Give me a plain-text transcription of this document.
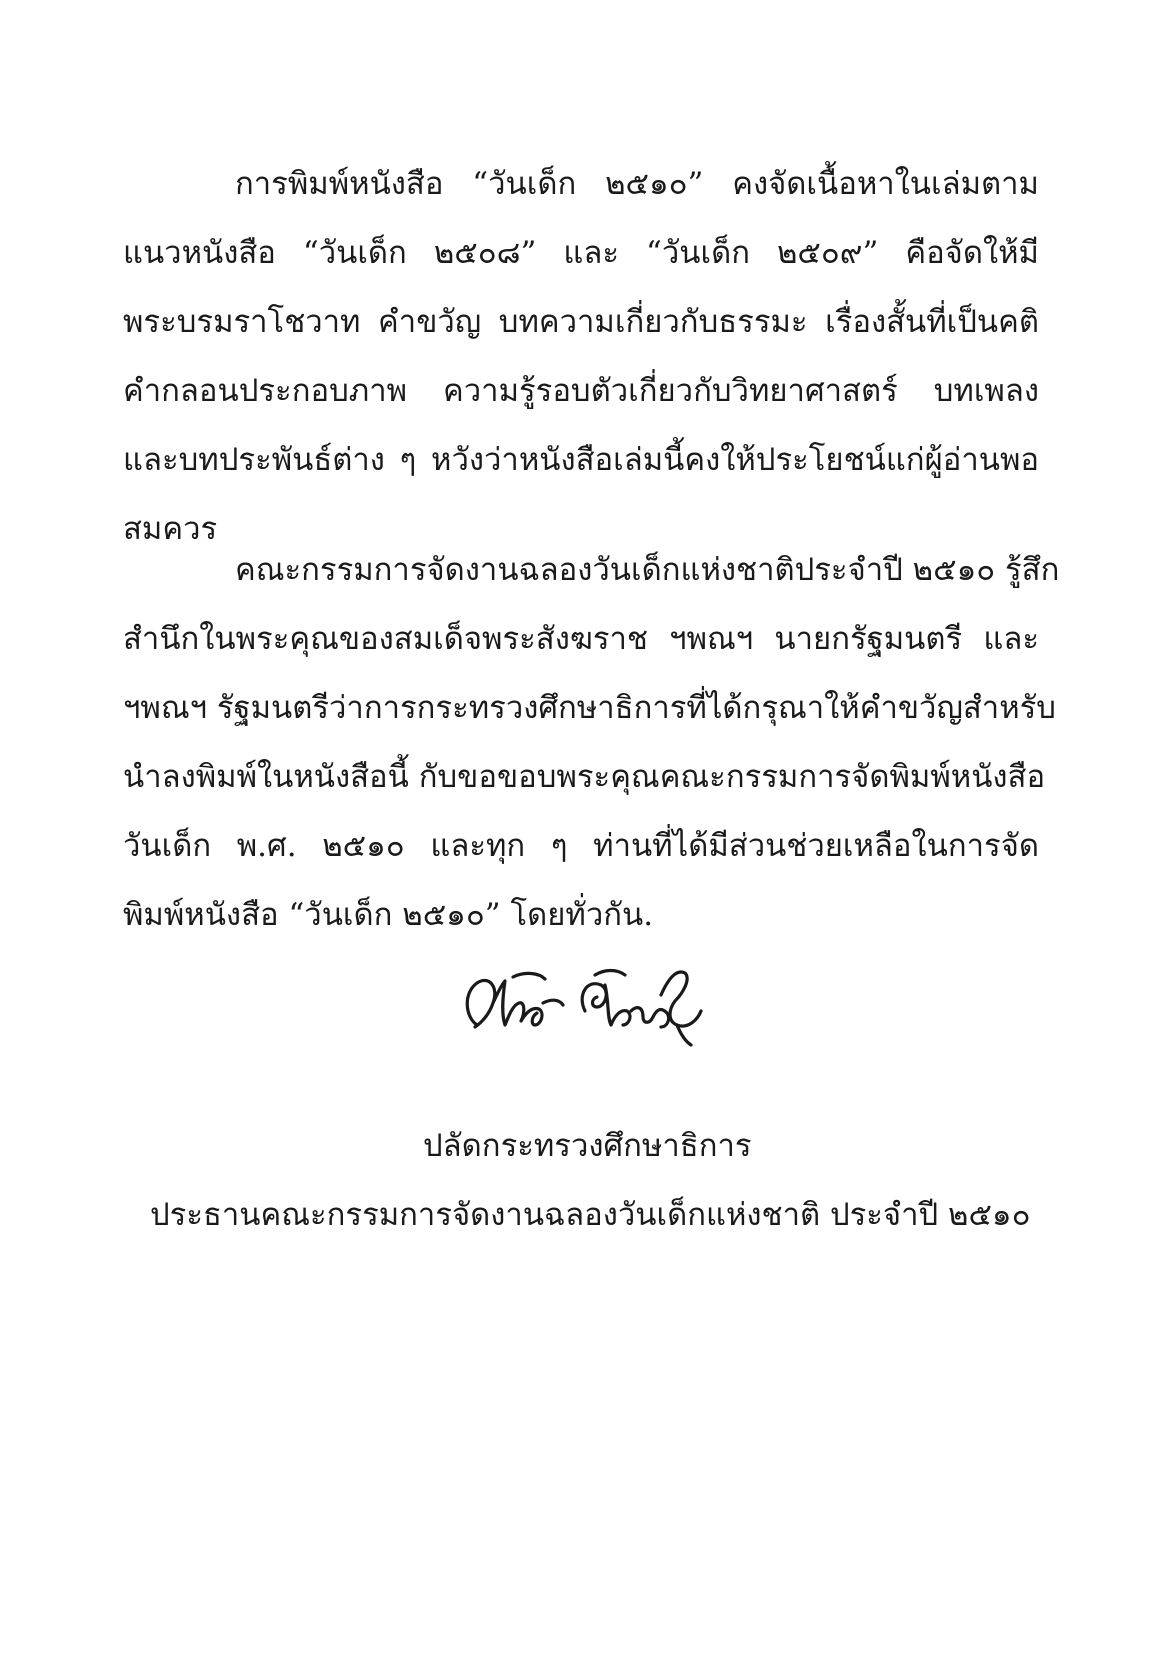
การพิมพ์หนังสือ “วันเด็ก ๒๕๑๐” คงจัดเนื้อหาในเล่มตาม
แนวหนังสือ “วันเด็ก ๒๕๐๘” และ “วันเด็ก ๒๕๐๙” คือจัดให้มี
พระบรมราโชวาท คำขวัญ บทความเกี่ยวกับธรรมะ เรื่องสั้นที่เป็นคติ
คำกลอนประกอบภาพ ความรู้รอบตัวเกี่ยวกับวิทยาศาสตร์ บทเพลง
และบทประพันธ์ต่าง ๆ หวังว่าหนังสือเล่มนี้คงให้ประโยชน์แก่ผู้อ่านพอ
สมควร
คณะกรรมการจัดงานฉลองวันเด็กแห่งชาติประจำปี ๒๕๑๐ รู้สึก
สำนึกในพระคุณของสมเด็จพระสังฆราช ฯพณฯ นายกรัฐมนตรี และ
ฯพณฯ รัฐมนตรีว่าการกระทรวงศึกษาธิการที่ได้กรุณาให้คำขวัญสำหรับ
นำลงพิมพ์ในหนังสือนี้ กับขอขอบพระคุณคณะกรรมการจัดพิมพ์หนังสือ
วันเด็ก พ.ศ. ๒๕๑๐ และทุก ๆ ท่านที่ได้มีส่วนช่วยเหลือในการจัด
พิมพ์หนังสือ “วันเด็ก ๒๕๑๐” โดยทั่วกัน.
ปลัดกระทรวงศึกษาธิการ
ประธานคณะกรรมการจัดงานฉลองวันเด็กแห่งชาติ ประจำปี ๒๕๑๐
